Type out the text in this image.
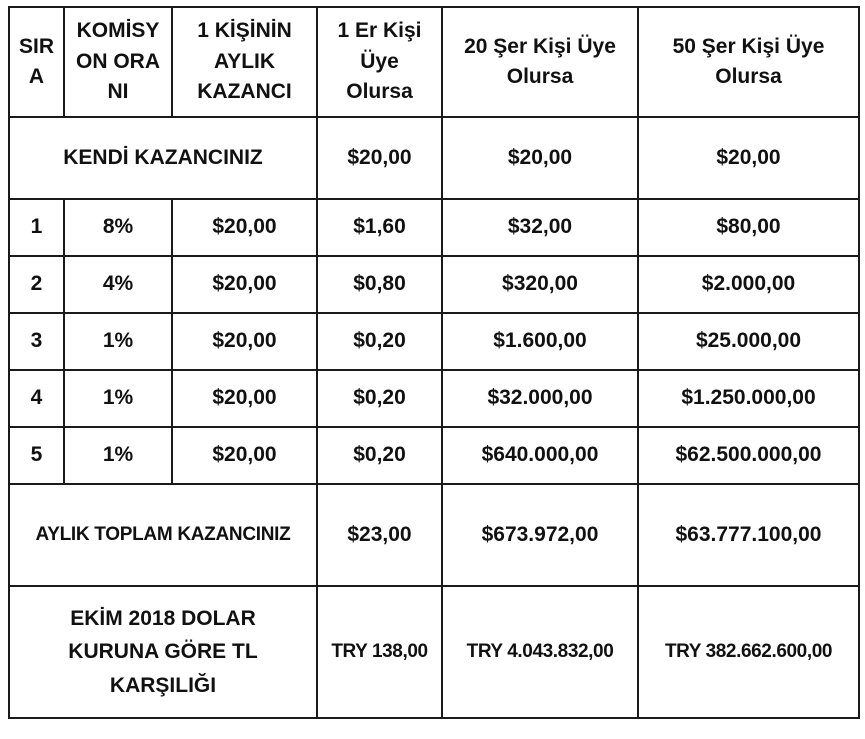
SIRA	KOMİSYON ORANI	1 KİŞİNİN AYLIK KAZANCI	1 Er Kişi Üye Olursa	20 Şer Kişi Üye Olursa	50 Şer Kişi Üye Olursa
KENDİ KAZANCINIZ			$20,00	$20,00	$20,00
1	8%	$20,00	$1,60	$32,00	$80,00
2	4%	$20,00	$0,80	$320,00	$2.000,00
3	1%	$20,00	$0,20	$1.600,00	$25.000,00
4	1%	$20,00	$0,20	$32.000,00	$1.250.000,00
5	1%	$20,00	$0,20	$640.000,00	$62.500.000,00
AYLIK TOPLAM KAZANCINIZ			$23,00	$673.972,00	$63.777.100,00
EKİM 2018 DOLAR KURUNA GÖRE TL KARŞILIĞI			TRY 138,00	TRY 4.043.832,00	TRY 382.662.600,00
